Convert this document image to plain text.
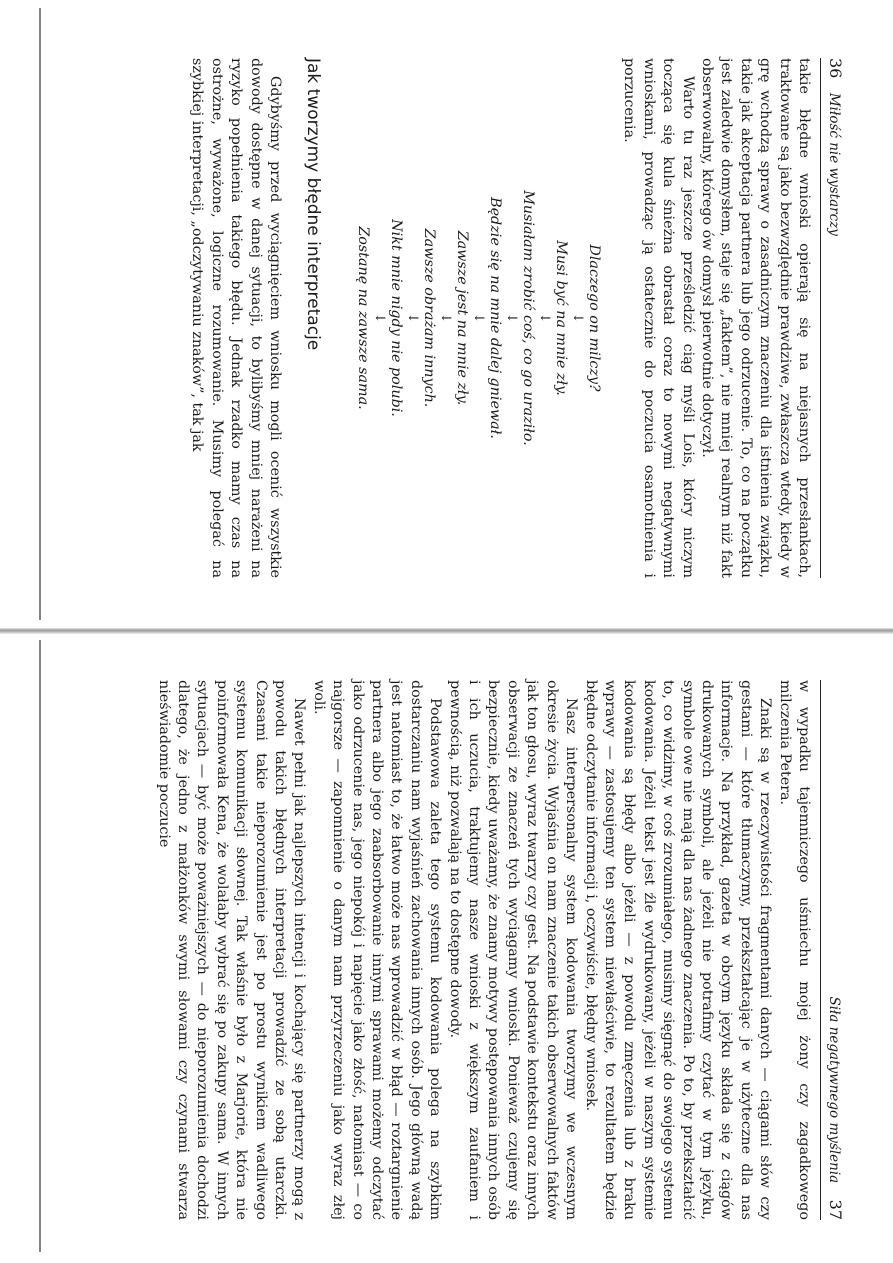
36 Miłość nie wystarczy

takie błędne wnioski opierają się na niejasnych przesłankach, traktowane są jako bezwzględnie prawdziwe, zwłaszcza wtedy, kiedy w grę wchodzą sprawy o zasadniczym znaczeniu dla istnienia związku, takie jak akceptacja partnera lub jego odrzucenie. To, co na początku jest zaledwie domysłem, staje się „faktem”, nie mniej realnym niż fakt obserwowalny, którego ów domysł pierwotnie dotyczył.

Warto tu raz jeszcze prześledzić ciąg myśli Lois, który niczym tocząca się kula śnieżna obrastał coraz to nowymi negatywnymi wnioskami, prowadząc ją ostatecznie do poczucia osamotnienia i porzucenia.

Dlaczego on milczy?
↓
Musi być na mnie zły.
↓
Musiałam zrobić coś, co go uraziło.
↓
Będzie się na mnie dalej gniewał.
↓
Zawsze jest na mnie zły.
↓
Zawsze obrażam innych.
↓
Nikt mnie nigdy nie polubi.
↓
Zostanę na zawsze sama.
Jak tworzymy błędne interpretacje

Gdybyśmy przed wyciągnięciem wniosku mogli ocenić wszystkie dowody dostępne w danej sytuacji, to bylibyśmy mniej narażeni na ryzyko popełnienia takiego błędu. Jednak rzadko mamy czas na ostrożne, wyważone, logiczne rozumowanie. Musimy polegać na szybkiej interpretacji, „odczytywaniu znaków”, tak jak

Siła negatywnego myślenia 37

w wypadku tajemniczego uśmiechu mojej żony czy zagadkowego milczenia Petera.

Znaki są w rzeczywistości fragmentami danych — ciągami słów czy gestami — które tłumaczymy, przekształcając je w użyteczne dla nas informacje. Na przykład, gazeta w obcym języku składa się z ciągów drukowanych symboli, ale jeżeli nie potrafimy czytać w tym języku, symbole owe nie mają dla nas żadnego znaczenia. Po to, by przekształcić to, co widzimy, w coś zrozumiałego, musimy sięgnąć do swojego systemu kodowania. Jeżeli tekst jest źle wydrukowany, jeżeli w naszym systemie kodowania są błędy albo jeżeli — z powodu zmęczenia lub z braku wprawy — zastosujemy ten system niewłaściwie, to rezultatem będzie błędne odczytanie informacji i, oczywiście, błędny wniosek.

Nasz interpersonalny system kodowania tworzymy we wczesnym okresie życia. Wyjaśnia on nam znaczenie takich obserwowalnych faktów jak ton głosu, wyraz twarzy czy gest. Na podstawie kontekstu oraz innych obserwacji ze znaczeń tych wyciągamy wnioski. Ponieważ czujemy się bezpiecznie, kiedy uważamy, że znamy motywy postępowania innych osób i ich uczucia, traktujemy nasze wnioski z większym zaufaniem i pewnością, niż pozwalają na to dostępne dowody.

Podstawowa zaleta tego systemu kodowania polega na szybkim dostarczaniu nam wyjaśnień zachowania innych osób. Jego główną wadą jest natomiast to, że łatwo może nas wprowadzić w błąd — roztargnienie partnera albo jego zaabsorbowanie innymi sprawami możemy odczytać jako odrzucenie nas, jego niepokój i napięcie jako złość, natomiast — co najgorsze — zapomnienie o danym nam przyrzeczeniu jako wyraz złej woli.

Nawet pełni jak najlepszych intencji i kochający się partnerzy mogą z powodu takich błędnych interpretacji prowadzić ze sobą utarczki. Czasami takie nieporozumienie jest po prostu wynikiem wadliwego systemu komunikacji słownej. Tak właśnie było z Marjorie, która nie poinformowała Kena, że wolałaby wybrać się po zakupy sama. W innych sytuacjach — być może poważniejszych — do nieporozumienia dochodzi dlatego, że jedno z małżonków swymi słowami czy czynami stwarza nieświadomie poczucie
